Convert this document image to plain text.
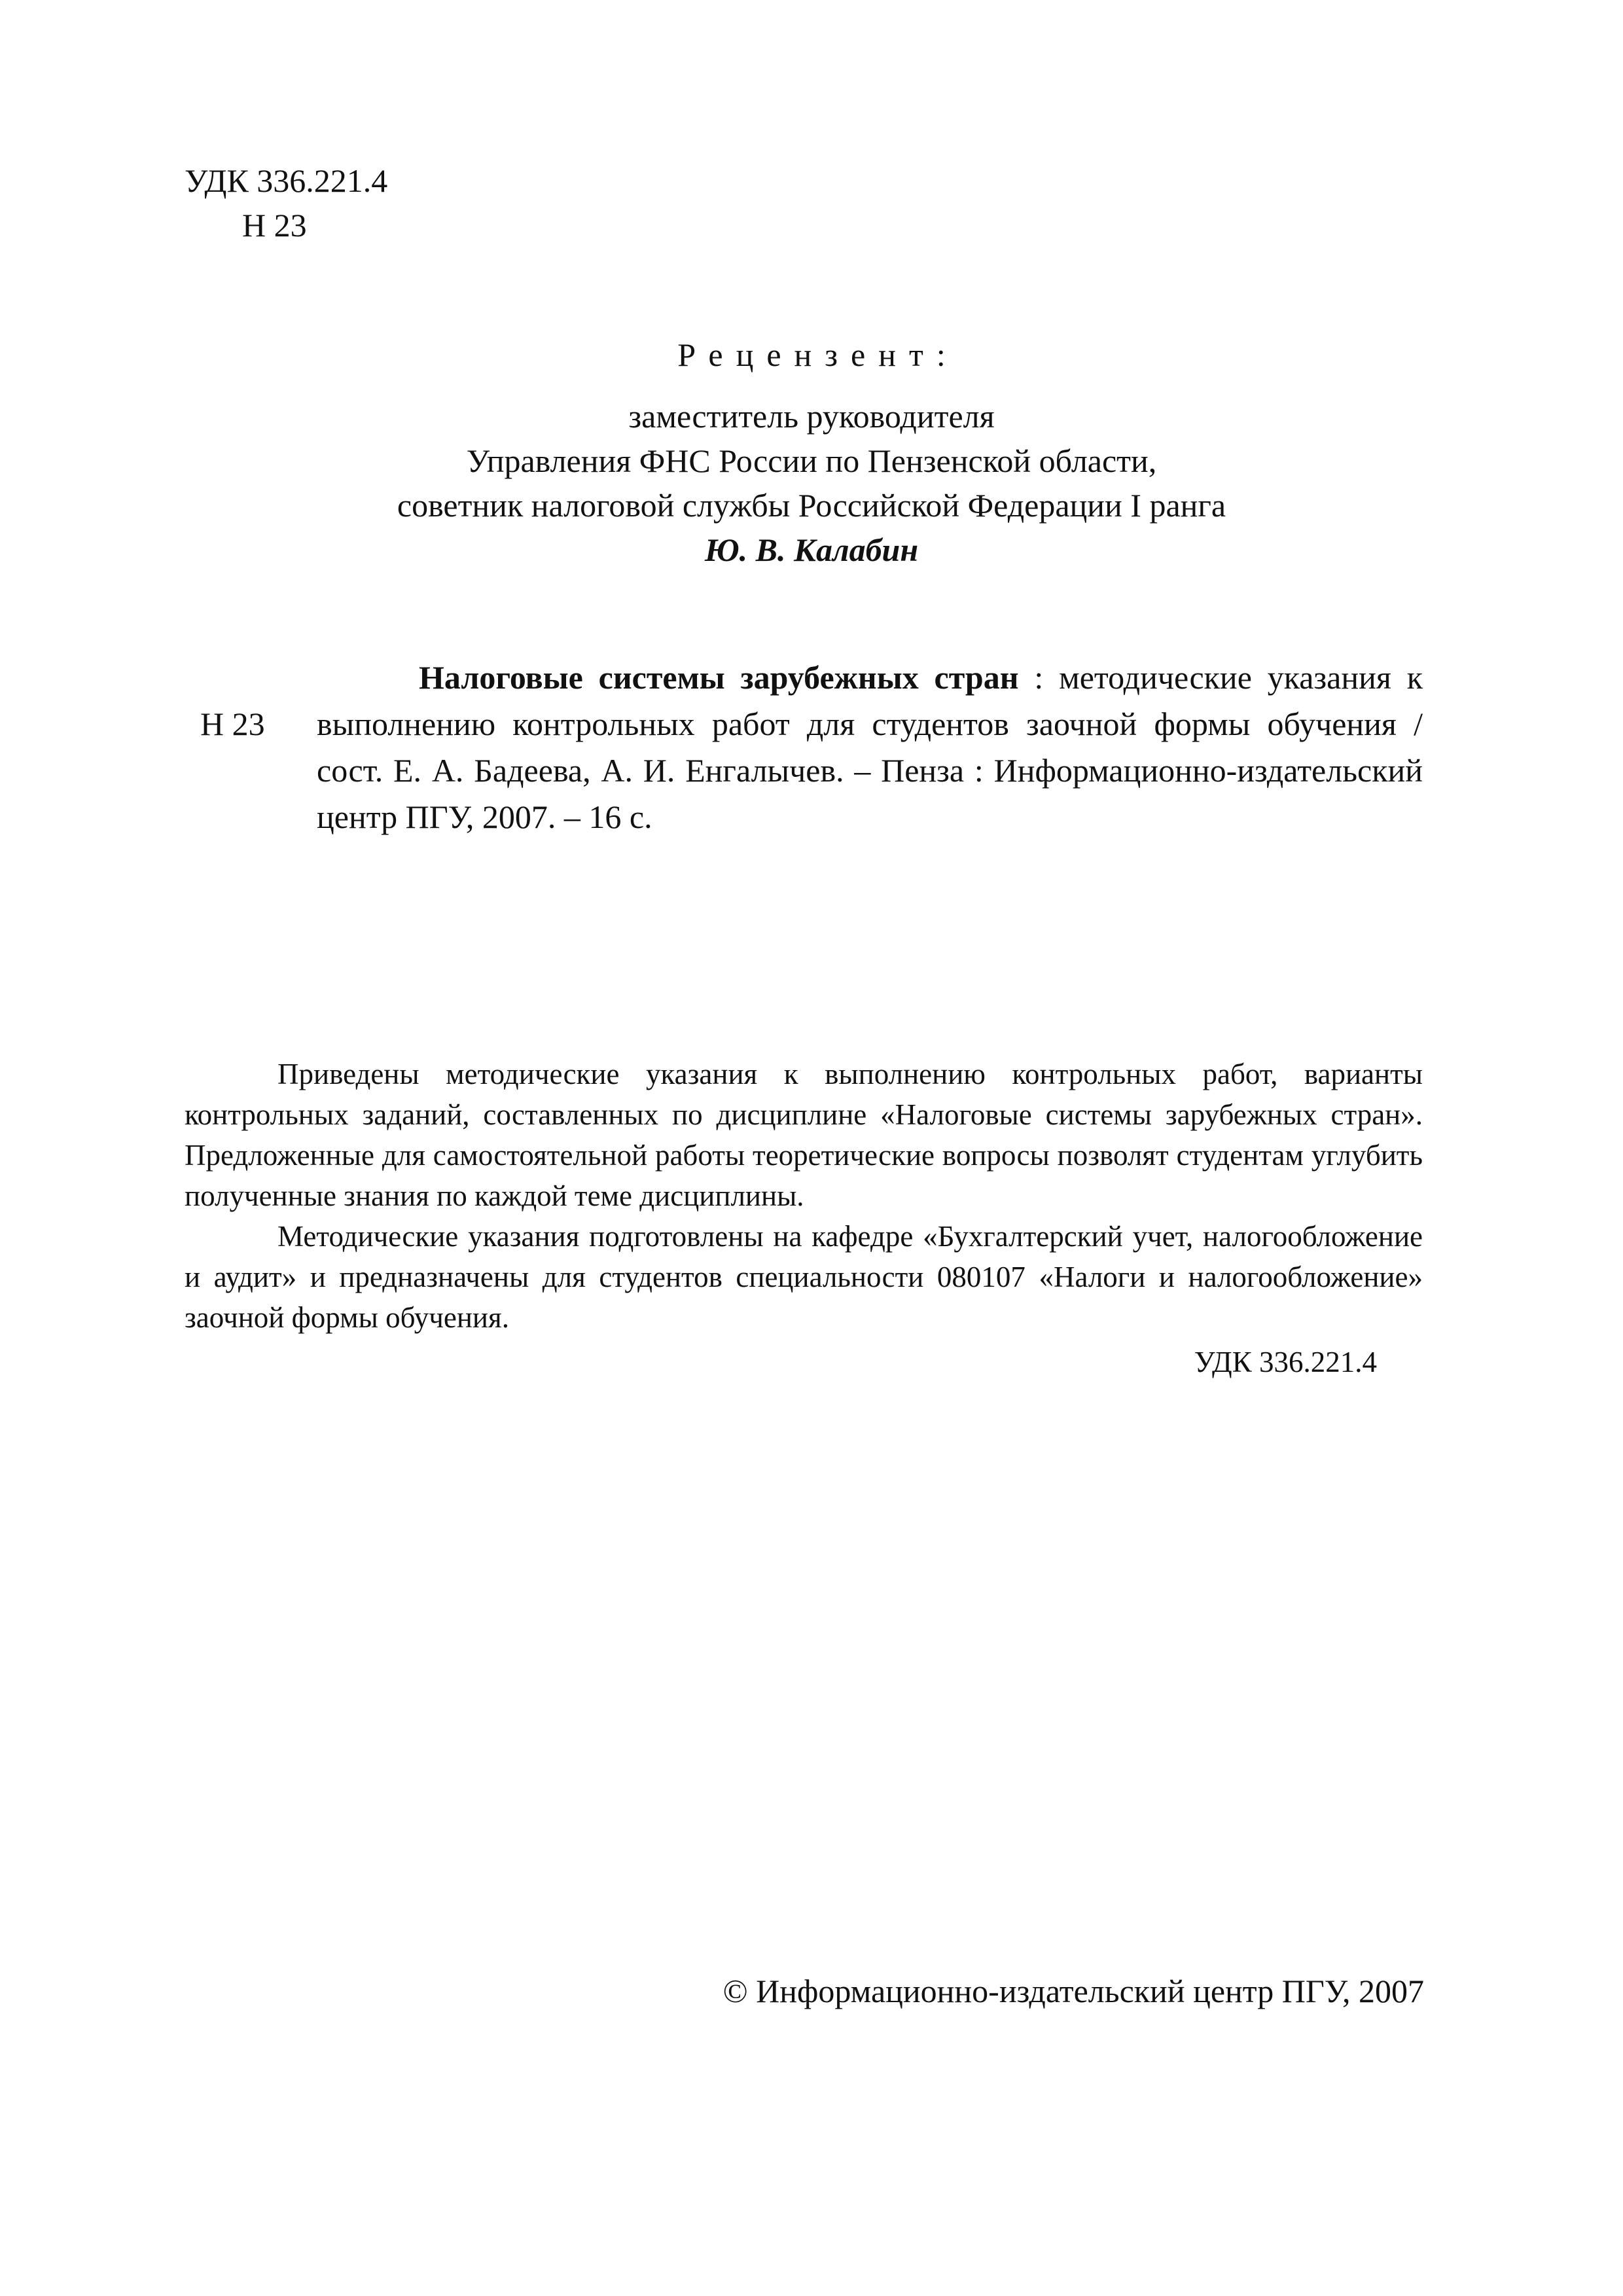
УДК 336.221.4
Н 23
Рецензент:
заместитель руководителя
Управления ФНС России по Пензенской области,
советник налоговой службы Российской Федерации I ранга
Ю. В. Калабин
Н 23
Налоговые системы зарубежных стран : методические указания к выполнению контрольных работ для студентов заочной формы обучения / сост. Е. А. Бадеева, А. И. Енгалычев. – Пенза : Информационно-издательский центр ПГУ, 2007. – 16 с.

Приведены методические указания к выполнению контрольных работ, варианты контрольных заданий, составленных по дисциплине «Налоговые системы зарубежных стран». Предложенные для самостоятельной работы теоретические вопросы позволят студентам углубить полученные знания по каждой теме дисциплины.

Методические указания подготовлены на кафедре «Бухгалтерский учет, налогообложение и аудит» и предназначены для студентов специальности 080107 «Налоги и налогообложение» заочной формы обучения.

УДК 336.221.4

© Информационно-издательский центр ПГУ, 2007
